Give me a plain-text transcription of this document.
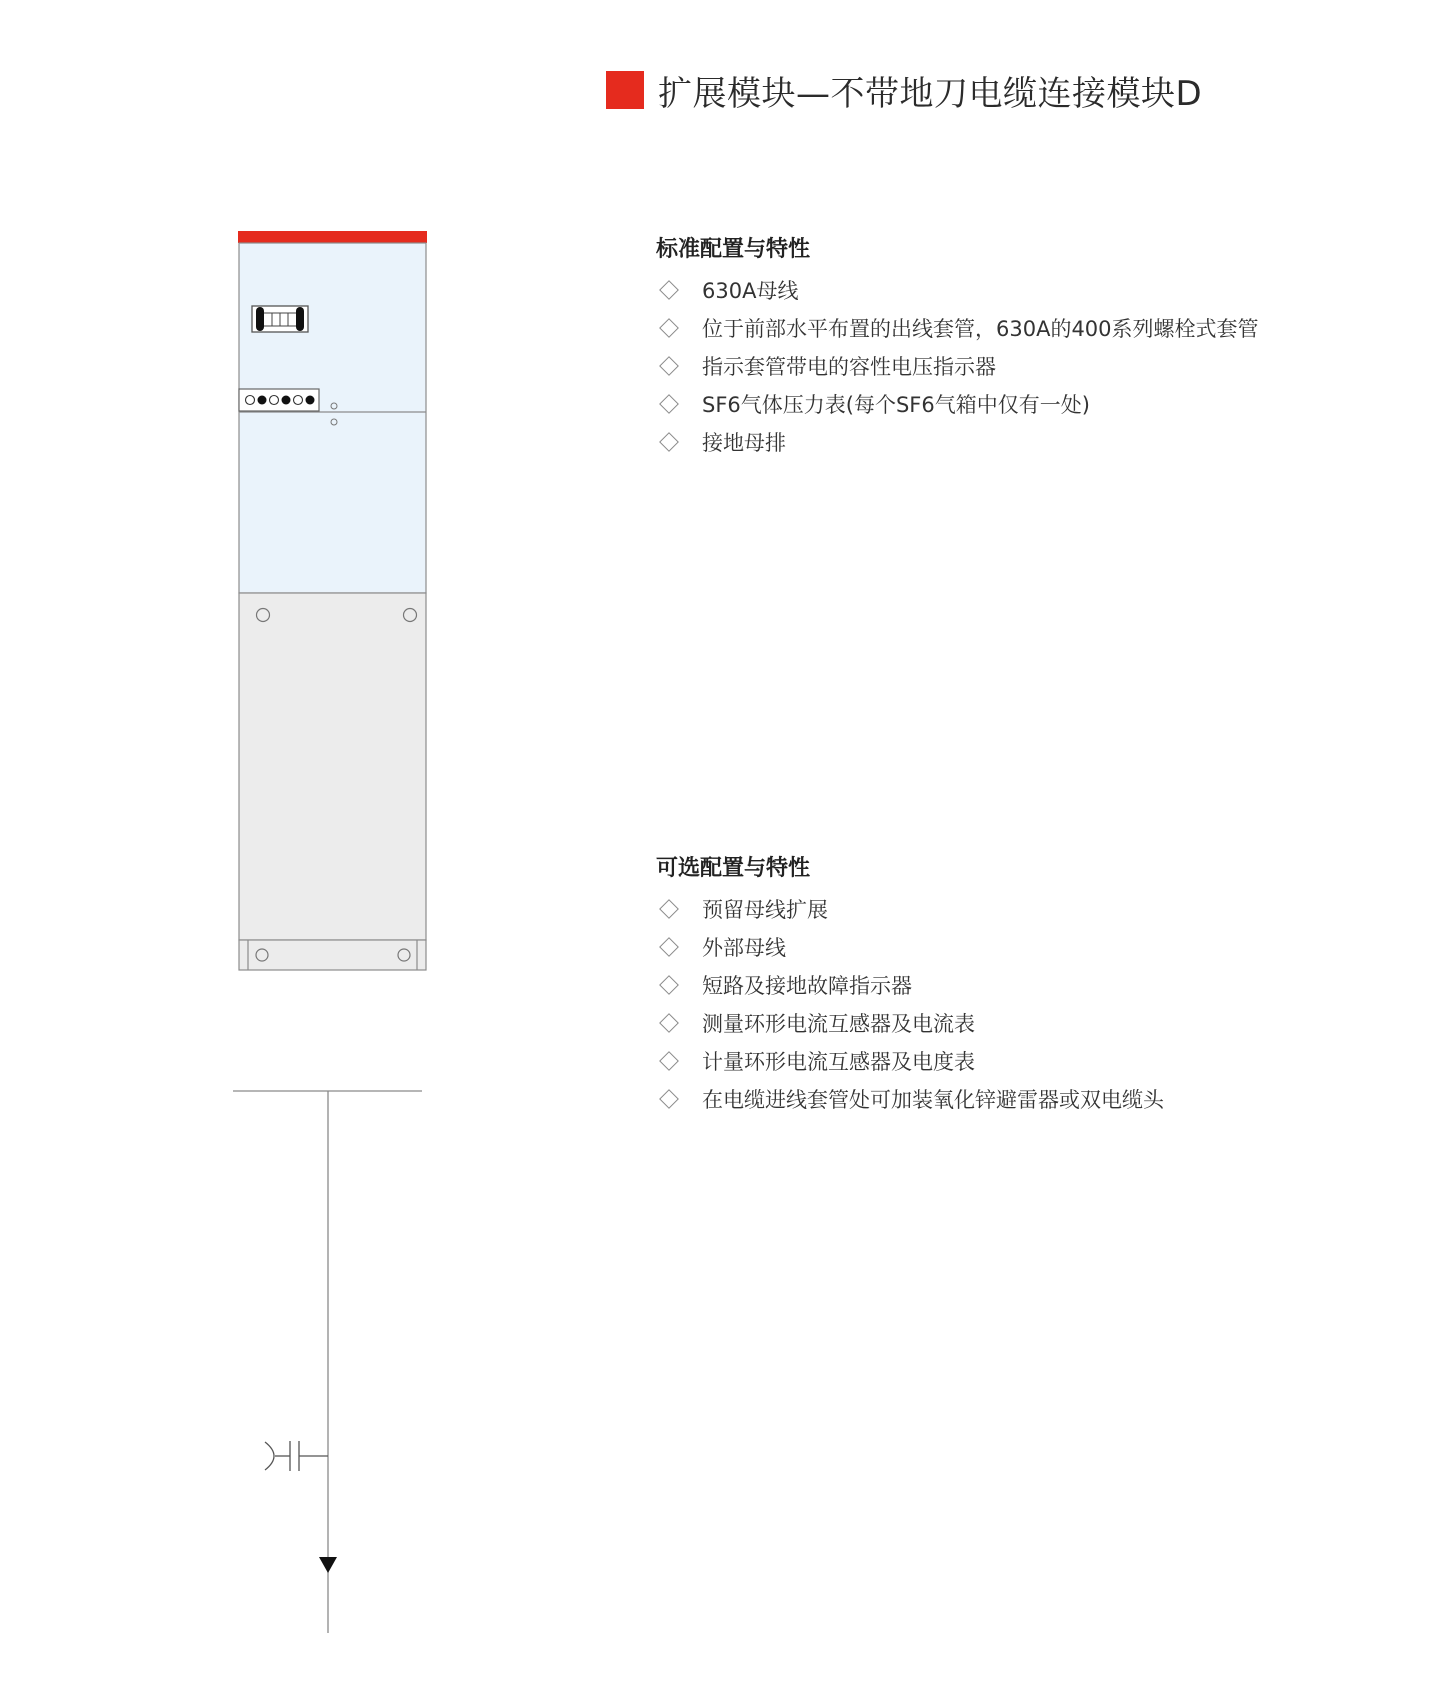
扩展模块—不带地刀电缆连接模块D
标准配置与特性
630A母线
位于前部水平布置的出线套管，630A的400系列螺栓式套管
指示套管带电的容性电压指示器
SF6气体压力表(每个SF6气箱中仅有一处)
接地母排
可选配置与特性
预留母线扩展
外部母线
短路及接地故障指示器
测量环形电流互感器及电流表
计量环形电流互感器及电度表
在电缆进线套管处可加装氧化锌避雷器或双电缆头
